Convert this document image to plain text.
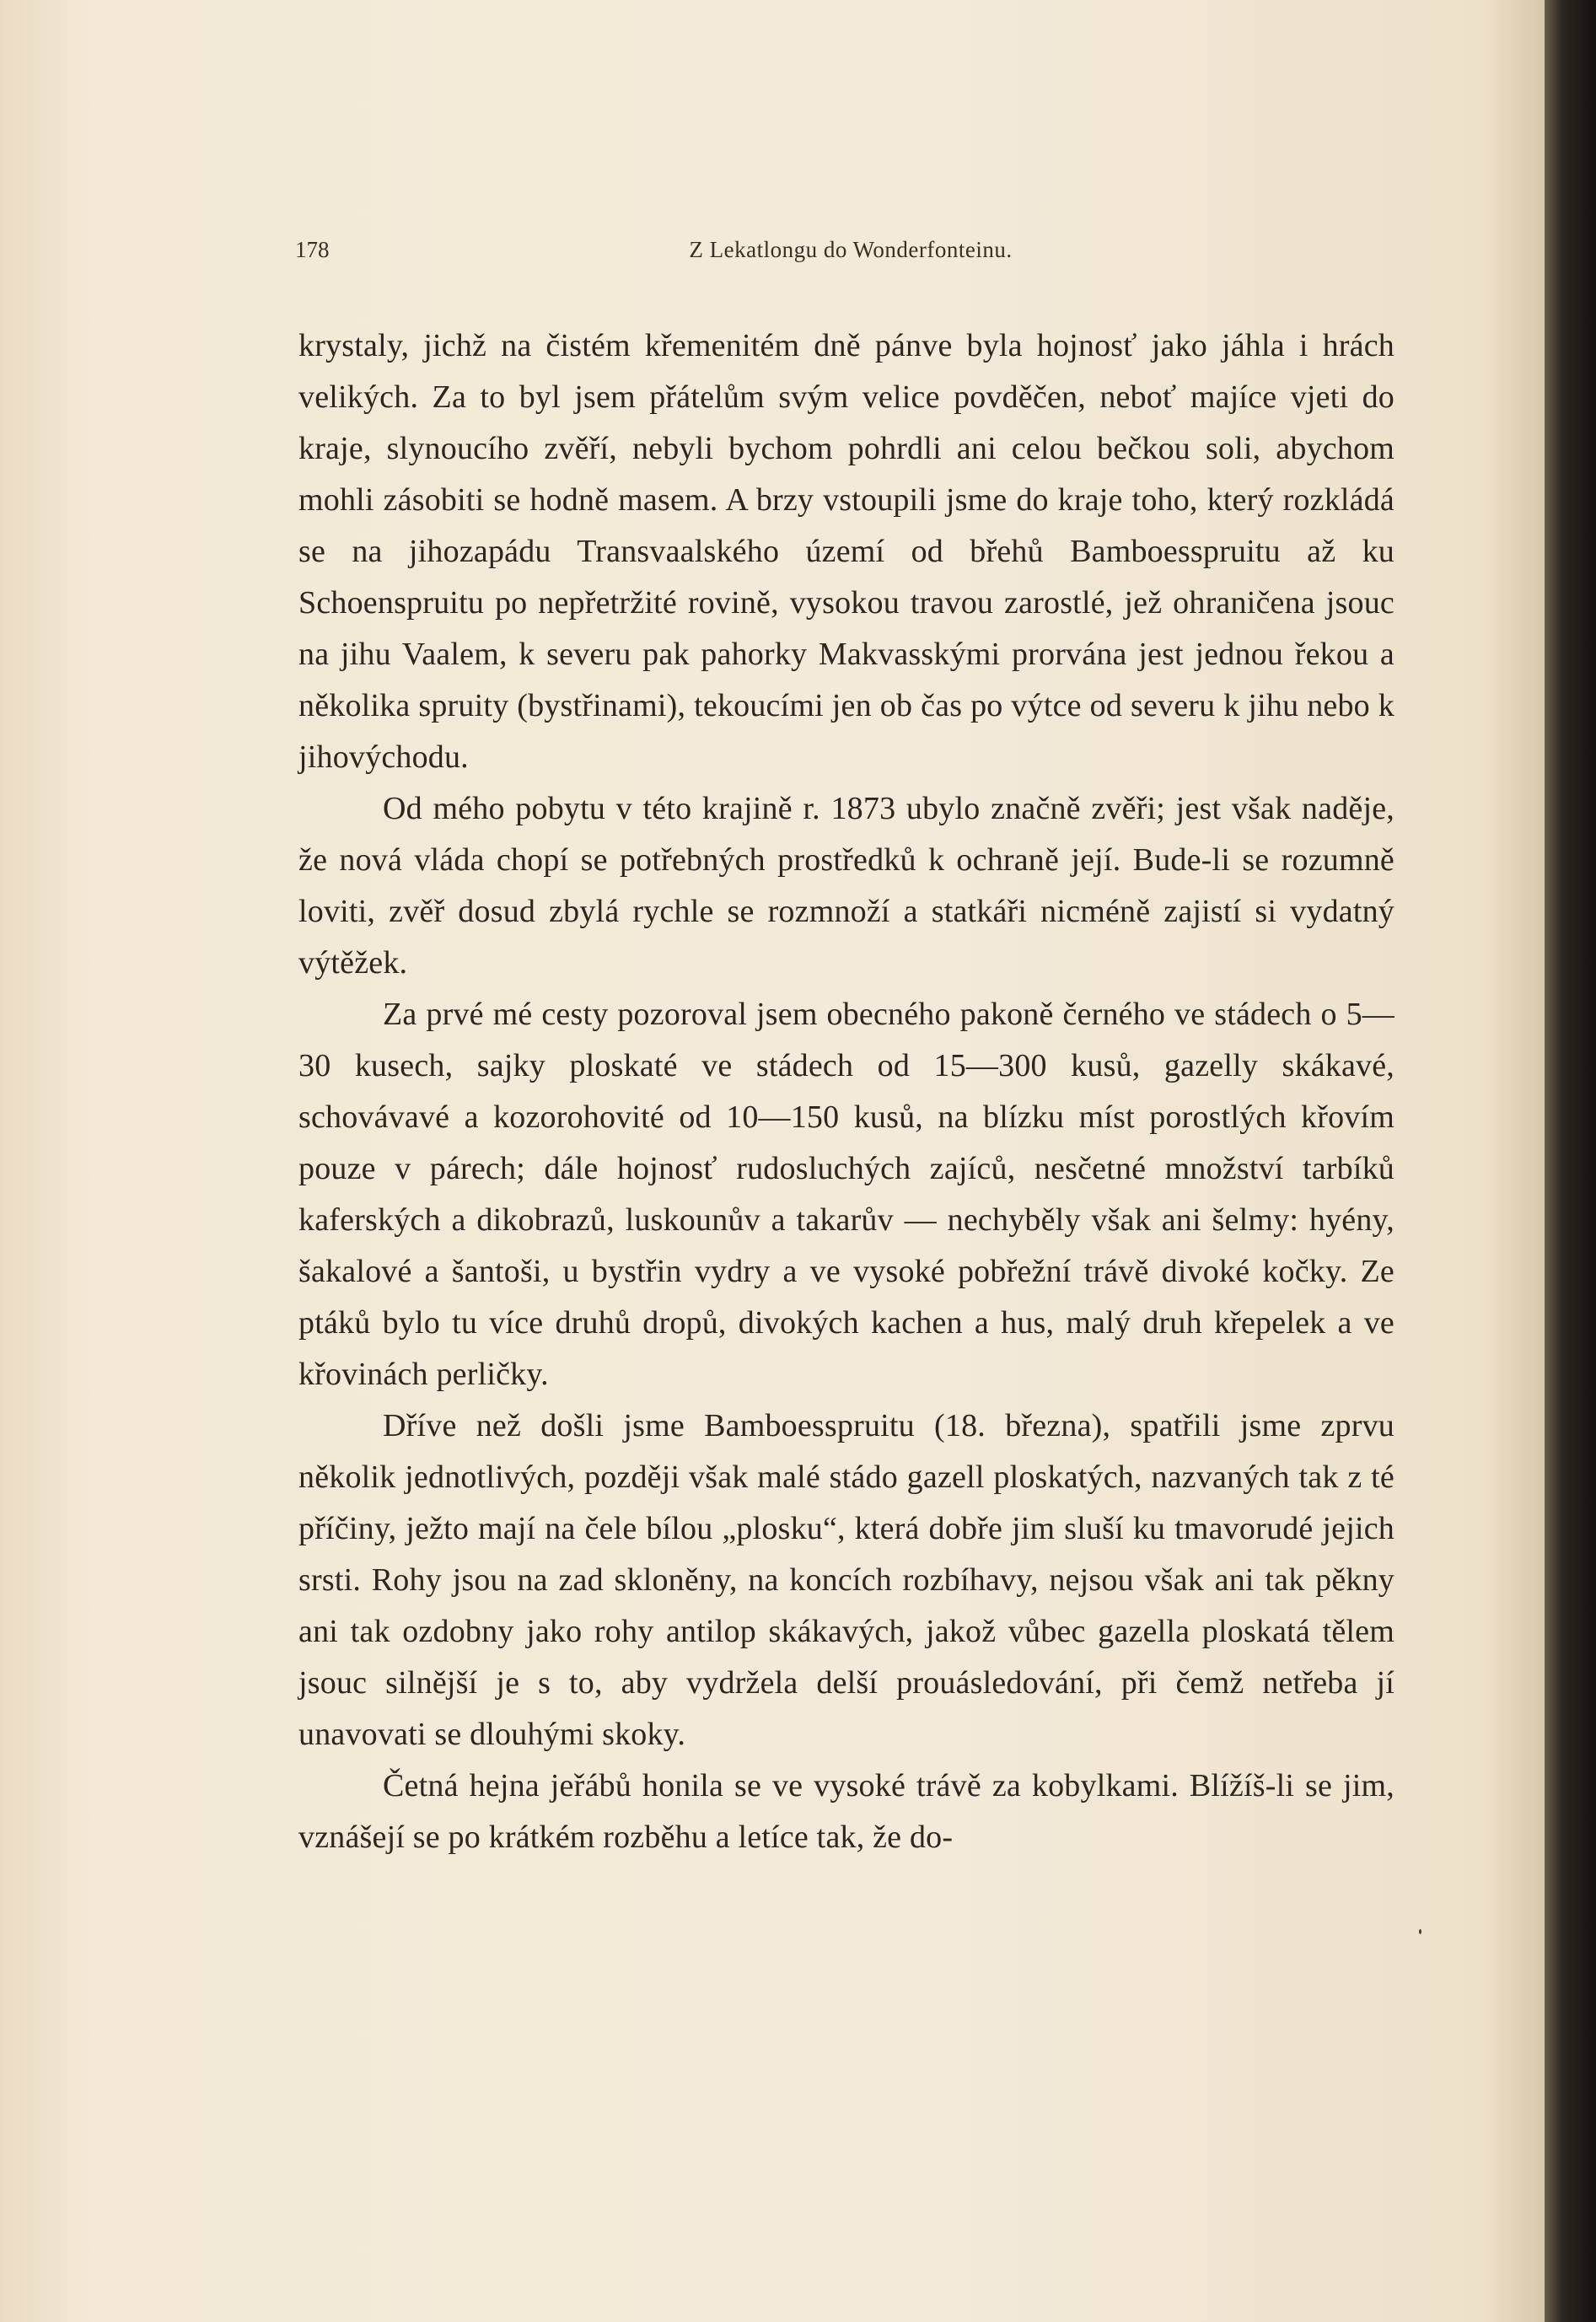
178	Z Lekatlongu do Wonderfonteinu.

krystaly, jichž na čistém křemenitém dně pánve byla hojnosť jako jáhla i hrách velikých. Za to byl jsem přátelům svým velice povděčen, neboť majíce vjeti do kraje, slynoucího zvěří, nebyli bychom pohrdli ani celou bečkou soli, abychom mohli zásobiti se hodně masem. A brzy vstoupili jsme do kraje toho, který rozkládá se na jihozapádu Transvaalského území od břehů Bamboesspruitu až ku Schoenspruitu po nepřetržité rovině, vysokou travou zarostlé, jež ohraničena jsouc na jihu Vaalem, k severu pak pahorky Makvasskými prorvána jest jednou řekou a několika spruity (bystřinami), tekoucími jen ob čas po výtce od severu k jihu nebo k jihovýchodu.

Od mého pobytu v této krajině r. 1873 ubylo značně zvěři; jest však naděje, že nová vláda chopí se potřebných prostředků k ochraně její. Bude-li se rozumně loviti, zvěř dosud zbylá rychle se rozmnoží a statkáři nicméně zajistí si vydatný výtěžek.

Za prvé mé cesty pozoroval jsem obecného pakoně černého ve stádech o 5—30 kusech, sajky ploskaté ve stádech od 15—300 kusů, gazelly skákavé, schovávavé a kozorohovité od 10—150 kusů, na blízku míst porostlých křovím pouze v párech; dále hojnosť rudosluchých zajíců, nesčetné množství tarbíků kaferských a dikobrazů, luskounův a takarův — nechyběly však ani šelmy: hyény, šakalové a šantoši, u bystřin vydry a ve vysoké pobřežní trávě divoké kočky. Ze ptáků bylo tu více druhů dropů, divokých kachen a hus, malý druh křepelek a ve křovinách perličky.

Dříve než došli jsme Bamboesspruitu (18. března), spatřili jsme zprvu několik jednotlivých, později však malé stádo gazell ploskatých, nazvaných tak z té příčiny, ježto mají na čele bílou „plosku“, která dobře jim sluší ku tmavorudé jejich srsti. Rohy jsou na zad skloněny, na koncích rozbíhavy, nejsou však ani tak pěkny ani tak ozdobny jako rohy antilop skákavých, jakož vůbec gazella ploskatá tělem jsouc silnější je s to, aby vydržela delší prouásledování, při čemž netřeba jí unavovati se dlouhými skoky.

Četná hejna jeřábů honila se ve vysoké trávě za kobylkami. Blížíš-li se jim, vznášejí se po krátkém rozběhu a letíce tak, že do-
